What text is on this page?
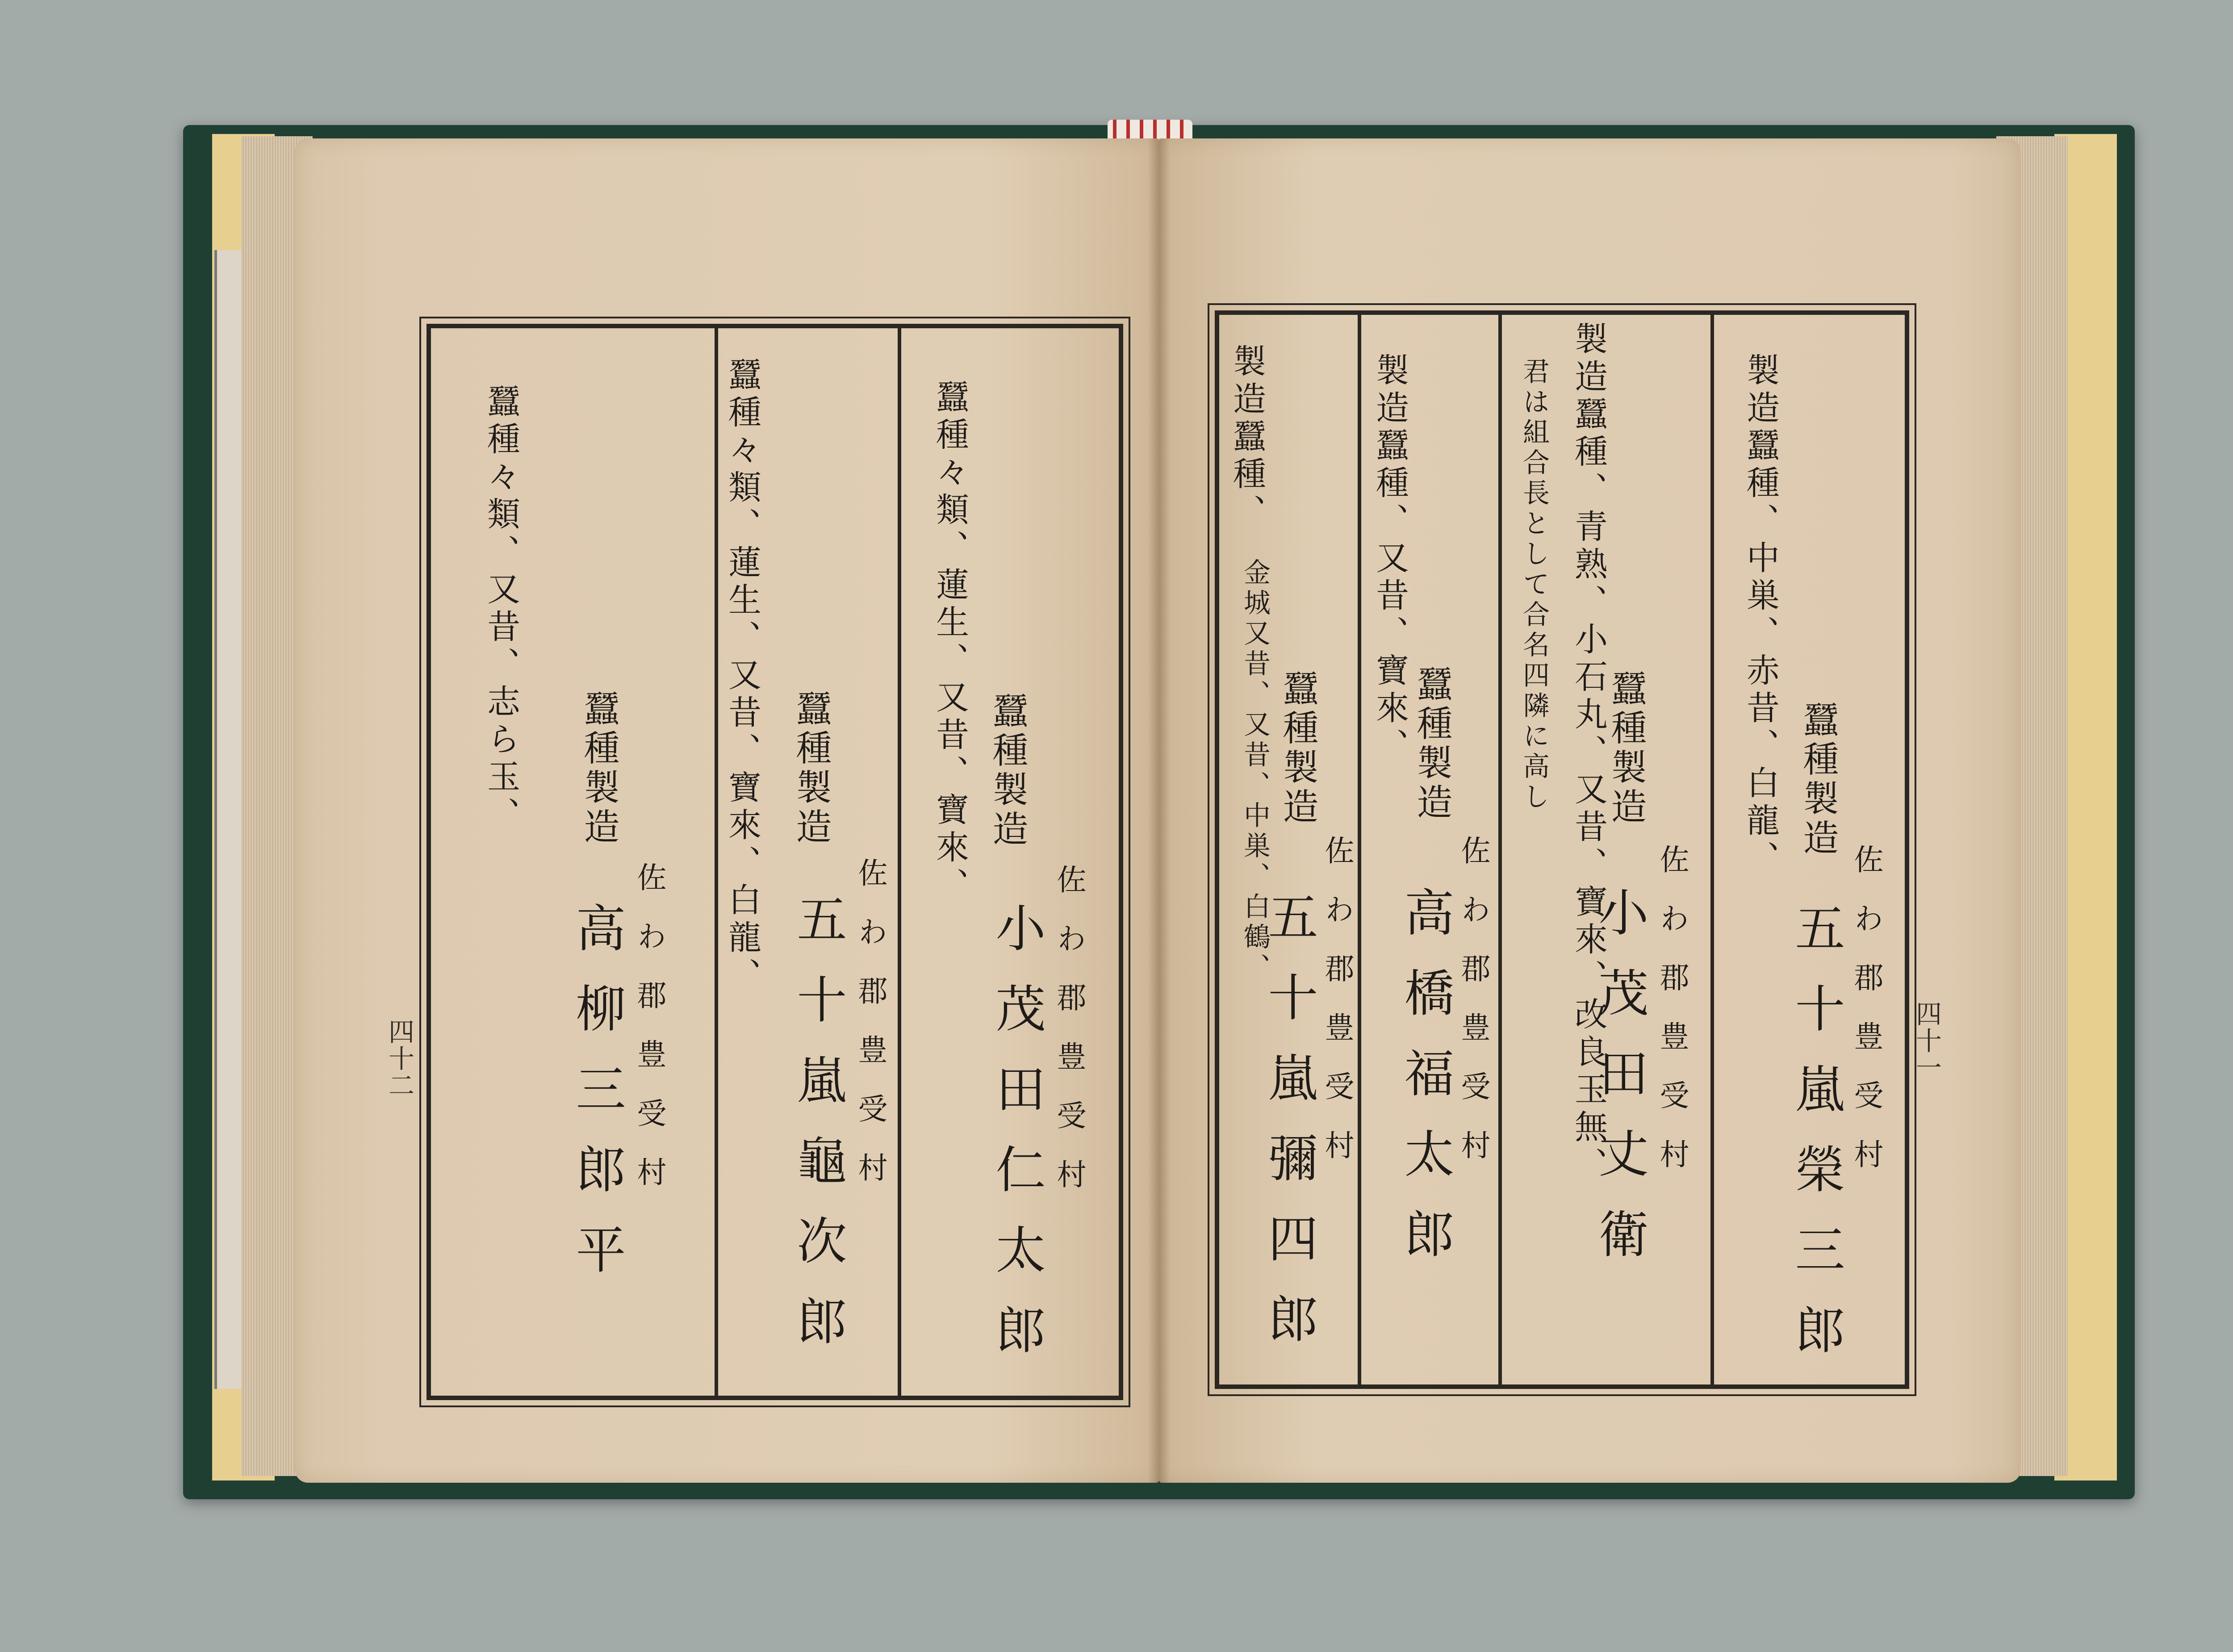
四十一
製造蠶種、中巣、赤昔、白龍、 蠶種製造
佐わ郡豊受村
五十嵐榮三郎
製造蠶種、青熟、小石丸、又昔、寶來、改良玉無、
君は組合長として合名四隣に高し 蠶種製造
佐わ郡豊受村
小茂田丈衛
製造蠶種、又昔、寶來、 蠶種製造
佐わ郡豊受村
高橋福太郎
製造蠶種、
金城又昔、又昔、中巣、白鶴、 蠶種製造
佐わ郡豊受村
五十嵐彌四郎
四十二	佐わ郡豊受村
小茂田仁太郎
蠶種製造
蠶種々類、蓮生、又昔、寶來、
佐わ郡豊受村
五十嵐龜次郎
蠶種製造
蠶種々類、蓮生、又昔、寶來、白龍、
佐わ郡豊受村
高柳三郎平
蠶種製造
蠶種々類、又昔、志ら玉、
